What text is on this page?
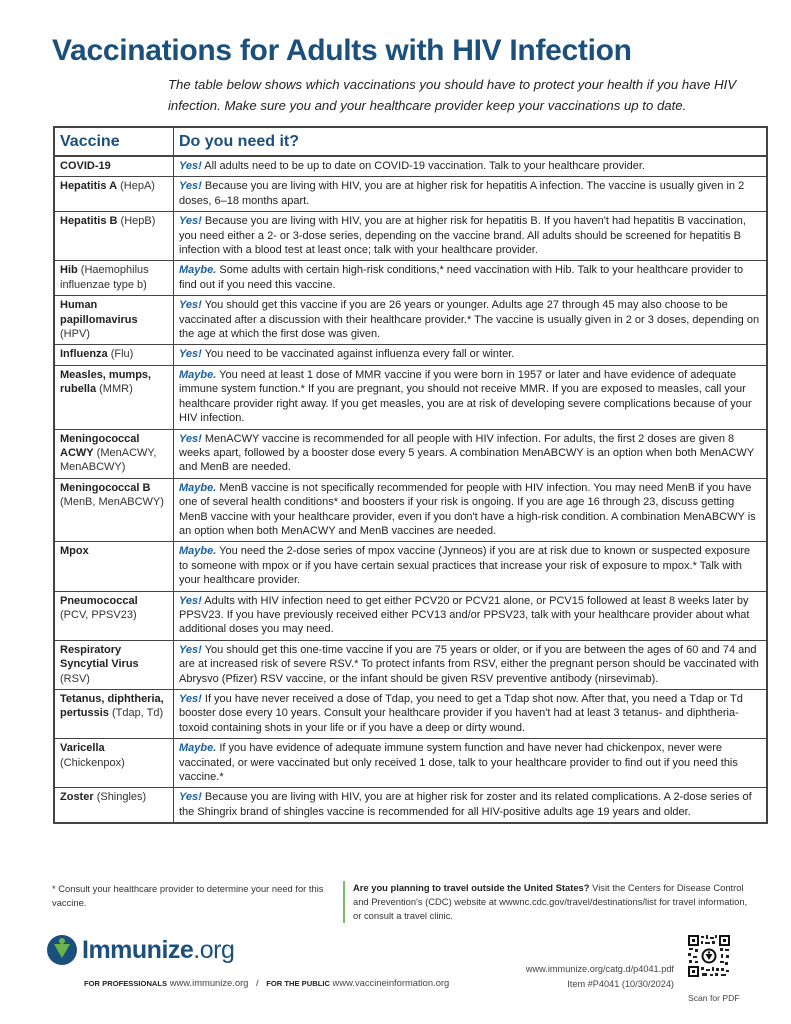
Vaccinations for Adults with HIV Infection

The table below shows which vaccinations you should have to protect your health if you have HIV infection. Make sure you and your healthcare provider keep your vaccinations up to date.

Vaccine	Do you need it?
COVID-19	Yes! All adults need to be up to date on COVID-19 vaccination. Talk to your healthcare provider.
Hepatitis A (HepA)	Yes! Because you are living with HIV, you are at higher risk for hepatitis A infection. The vaccine is usually given in 2 doses, 6–18 months apart.
Hepatitis B (HepB)	Yes! Because you are living with HIV, you are at higher risk for hepatitis B. If you haven't had hepatitis B vaccination, you need either a 2- or 3-dose series, depending on the vaccine brand. All adults should be screened for hepatitis B infection with a blood test at least once; talk with your healthcare provider.
Hib (Haemophilus influenzae type b)	Maybe. Some adults with certain high-risk conditions,* need vaccination with Hib. Talk to your healthcare provider to find out if you need this vaccine.
Human papillomavirus (HPV)	Yes! You should get this vaccine if you are 26 years or younger. Adults age 27 through 45 may also choose to be vaccinated after a discussion with their healthcare provider.* The vaccine is usually given in 2 or 3 doses, depending on the age at which the first dose was given.
Influenza (Flu)	Yes! You need to be vaccinated against influenza every fall or winter.
Measles, mumps, rubella (MMR)	Maybe. You need at least 1 dose of MMR vaccine if you were born in 1957 or later and have evidence of adequate immune system function.* If you are pregnant, you should not receive MMR. If you are exposed to measles, call your healthcare provider right away. If you get measles, you are at risk of developing severe complications because of your HIV infection.
Meningococcal ACWY (MenACWY, MenABCWY)	Yes! MenACWY vaccine is recommended for all people with HIV infection. For adults, the first 2 doses are given 8 weeks apart, followed by a booster dose every 5 years. A combination MenABCWY is an option when both MenACWY and MenB are needed.
Meningococcal B (MenB, MenABCWY)	Maybe. MenB vaccine is not specifically recommended for people with HIV infection. You may need MenB if you have one of several health conditions* and boosters if your risk is ongoing. If you are age 16 through 23, discuss getting MenB vaccine with your healthcare provider, even if you don't have a high-risk condition. A combination MenABCWY is an option when both MenACWY and MenB vaccines are needed.
Mpox	Maybe. You need the 2-dose series of mpox vaccine (Jynneos) if you are at risk due to known or suspected exposure to someone with mpox or if you have certain sexual practices that increase your risk of exposure to mpox.* Talk with your healthcare provider.
Pneumococcal (PCV, PPSV23)	Yes! Adults with HIV infection need to get either PCV20 or PCV21 alone, or PCV15 followed at least 8 weeks later by PPSV23. If you have previously received either PCV13 and/or PPSV23, talk with your healthcare provider about what additional doses you may need.
Respiratory Syncytial Virus (RSV)	Yes! You should get this one-time vaccine if you are 75 years or older, or if you are between the ages of 60 and 74 and are at increased risk of severe RSV.* To protect infants from RSV, either the pregnant person should be vaccinated with Abrysvo (Pfizer) RSV vaccine, or the infant should be given RSV preventive antibody (nirsevimab).
Tetanus, diphtheria, pertussis (Tdap, Td)	Yes! If you have never received a dose of Tdap, you need to get a Tdap shot now. After that, you need a Tdap or Td booster dose every 10 years. Consult your healthcare provider if you haven't had at least 3 tetanus- and diphtheria-toxoid containing shots in your life or if you have a deep or dirty wound.
Varicella (Chickenpox)	Maybe. If you have evidence of adequate immune system function and have never had chickenpox, never were vaccinated, or were vaccinated but only received 1 dose, talk to your healthcare provider to find out if you need this vaccine.*
Zoster (Shingles)	Yes! Because you are living with HIV, you are at higher risk for zoster and its related complications. A 2-dose series of the Shingrix brand of shingles vaccine is recommended for all HIV-positive adults age 19 years and older.
* Consult your healthcare provider to determine your need for this vaccine.
Are you planning to travel outside the United States? Visit the Centers for Disease Control and Prevention's (CDC) website at wwwnc.cdc.gov/travel/destinations/list for travel information, or consult a travel clinic.
Immunize.org
FOR PROFESSIONALS www.immunize.org / FOR THE PUBLIC www.vaccineinformation.org
www.immunize.org/catg.d/p4041.pdf
Item #P4041 (10/30/2024)
Scan for PDF
